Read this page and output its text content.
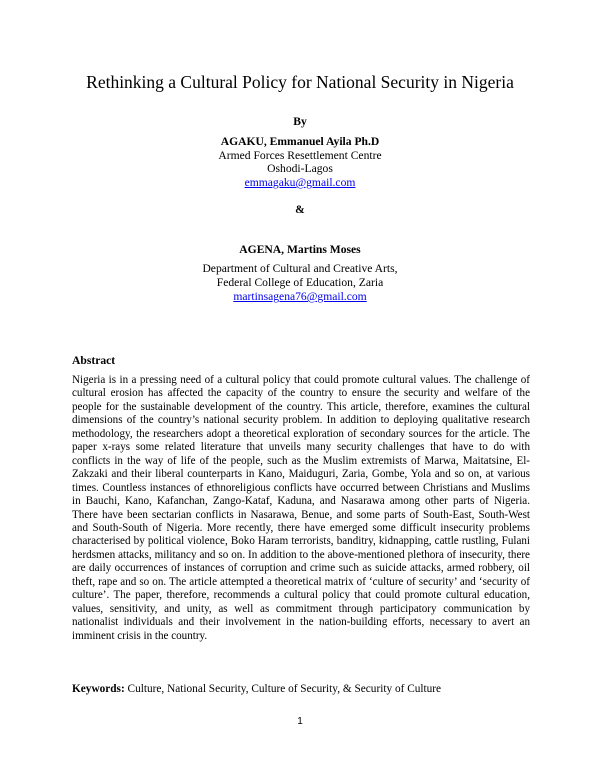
Rethinking a Cultural Policy for National Security in Nigeria
By
AGAKU, Emmanuel Ayila Ph.D
Armed Forces Resettlement Centre
Oshodi-Lagos
emmagaku@gmail.com
&
AGENA, Martins Moses
Department of Cultural and Creative Arts,
Federal College of Education, Zaria
martinsagena76@gmail.com
Abstract
Nigeria is in a pressing need of a cultural policy that could promote cultural values. The challenge of cultural erosion has affected the capacity of the country to ensure the security and welfare of the people for the sustainable development of the country. This article, therefore, examines the cultural dimensions of the country’s national security problem. In addition to deploying qualitative research methodology, the researchers adopt a theoretical exploration of secondary sources for the article. The paper x-rays some related literature that unveils many security challenges that have to do with conflicts in the way of life of the people, such as the Muslim extremists of Marwa, Maitatsine, El-Zakzaki and their liberal counterparts in Kano, Maiduguri, Zaria, Gombe, Yola and so on, at various times. Countless instances of ethnoreligious conflicts have occurred between Christians and Muslims in Bauchi, Kano, Kafanchan, Zango-Kataf, Kaduna, and Nasarawa among other parts of Nigeria. There have been sectarian conflicts in Nasarawa, Benue, and some parts of South-East, South-West and South-South of Nigeria. More recently, there have emerged some difficult insecurity problems characterised by political violence, Boko Haram terrorists, banditry, kidnapping, cattle rustling, Fulani herdsmen attacks, militancy and so on. In addition to the above-mentioned plethora of insecurity, there are daily occurrences of instances of corruption and crime such as suicide attacks, armed robbery, oil theft, rape and so on. The article attempted a theoretical matrix of ‘culture of security’ and ‘security of culture’. The paper, therefore, recommends a cultural policy that could promote cultural education, values, sensitivity, and unity, as well as commitment through participatory communication by nationalist individuals and their involvement in the nation-building efforts, necessary to avert an imminent crisis in the country.
Keywords: Culture, National Security, Culture of Security, & Security of Culture
1
